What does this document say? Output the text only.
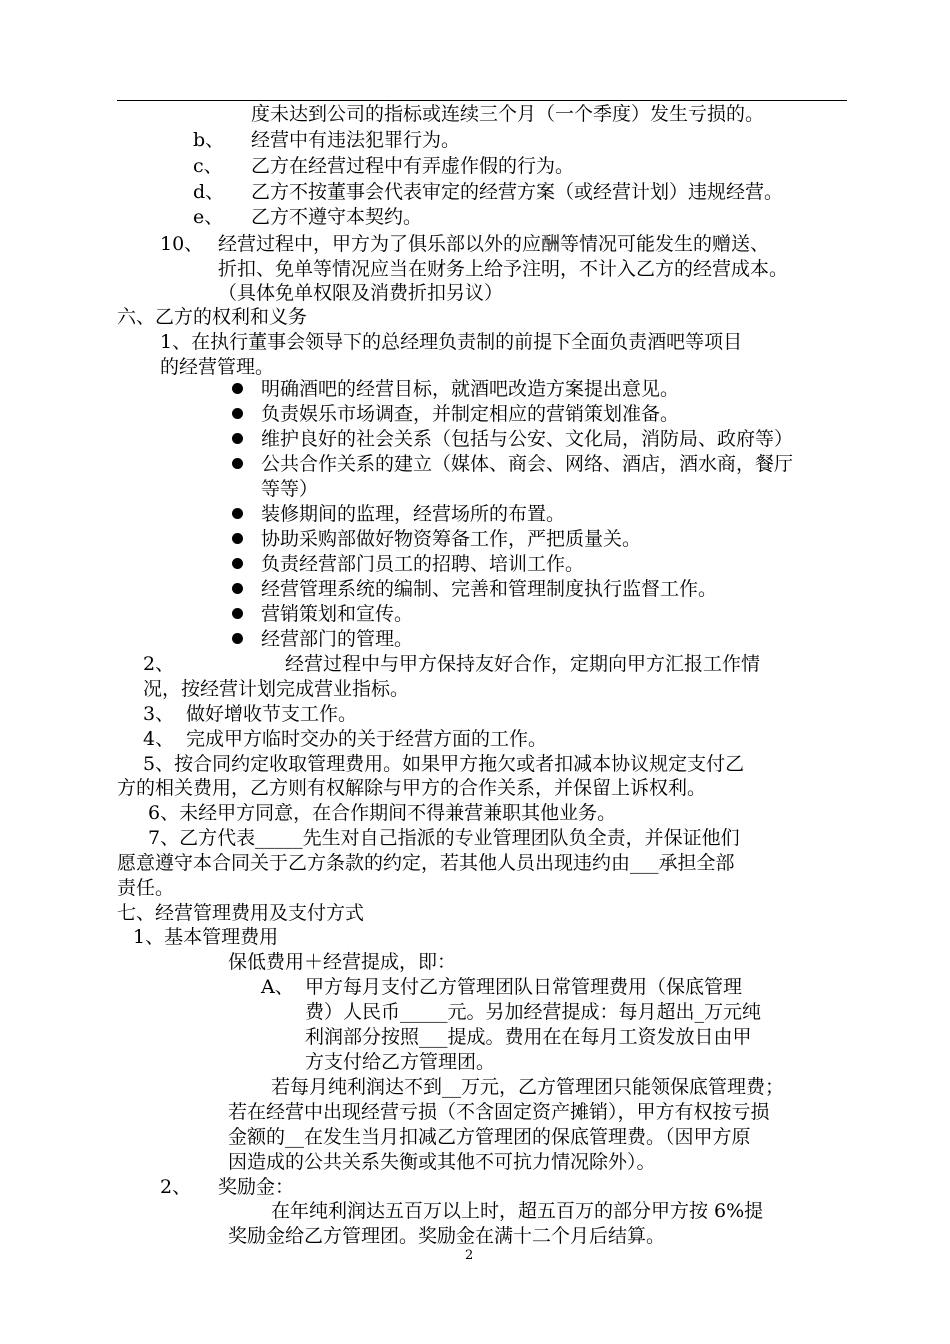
度未达到公司的指标或连续三个月（一个季度）发生亏损的。
b、 经营中有违法犯罪行为。
c、 乙方在经营过程中有弄虚作假的行为。
d、 乙方不按董事会代表审定的经营方案（或经营计划）违规经营。
e、 乙方不遵守本契约。
10、 经营过程中，甲方为了俱乐部以外的应酬等情况可能发生的赠送、
折扣、免单等情况应当在财务上给予注明，不计入乙方的经营成本。
（具体免单权限及消费折扣另议）
六、乙方的权利和义务
1、在执行董事会领导下的总经理负责制的前提下全面负责酒吧等项目
的经营管理。
明确酒吧的经营目标，就酒吧改造方案提出意见。
负责娱乐市场调查，并制定相应的营销策划准备。
维护良好的社会关系（包括与公安、文化局，消防局、政府等）
公共合作关系的建立（媒体、商会、网络、酒店，酒水商，餐厅
等等）
装修期间的监理，经营场所的布置。
协助采购部做好物资筹备工作，严把质量关。
负责经营部门员工的招聘、培训工作。
经营管理系统的编制、完善和管理制度执行监督工作。
营销策划和宣传。
经营部门的管理。
2、	经营过程中与甲方保持友好合作，定期向甲方汇报工作情
况，按经营计划完成营业指标。
3、 做好增收节支工作。
4、 完成甲方临时交办的关于经营方面的工作。
5、按合同约定收取管理费用。如果甲方拖欠或者扣减本协议规定支付乙
方的相关费用，乙方则有权解除与甲方的合作关系，并保留上诉权利。
6、未经甲方同意，在合作期间不得兼营兼职其他业务。
7、乙方代表_____先生对自己指派的专业管理团队负全责，并保证他们
愿意遵守本合同关于乙方条款的约定，若其他人员出现违约由___承担全部
责任。
七、经营管理费用及支付方式
1、基本管理费用
保低费用＋经营提成，即：
A、 甲方每月支付乙方管理团队日常管理费用（保底管理
费）人民币_____元。另加经营提成：每月超出_万元纯
利润部分按照___提成。费用在在每月工资发放日由甲
方支付给乙方管理团。
若每月纯利润达不到__万元，乙方管理团只能领保底管理费；
若在经营中出现经营亏损（不含固定资产摊销），甲方有权按亏损
金额的__在发生当月扣减乙方管理团的保底管理费。（因甲方原
因造成的公共关系失衡或其他不可抗力情况除外）。
2、 奖励金：
在年纯利润达五百万以上时，超五百万的部分甲方按 6%提
奖励金给乙方管理团。奖励金在满十二个月后结算。
2
